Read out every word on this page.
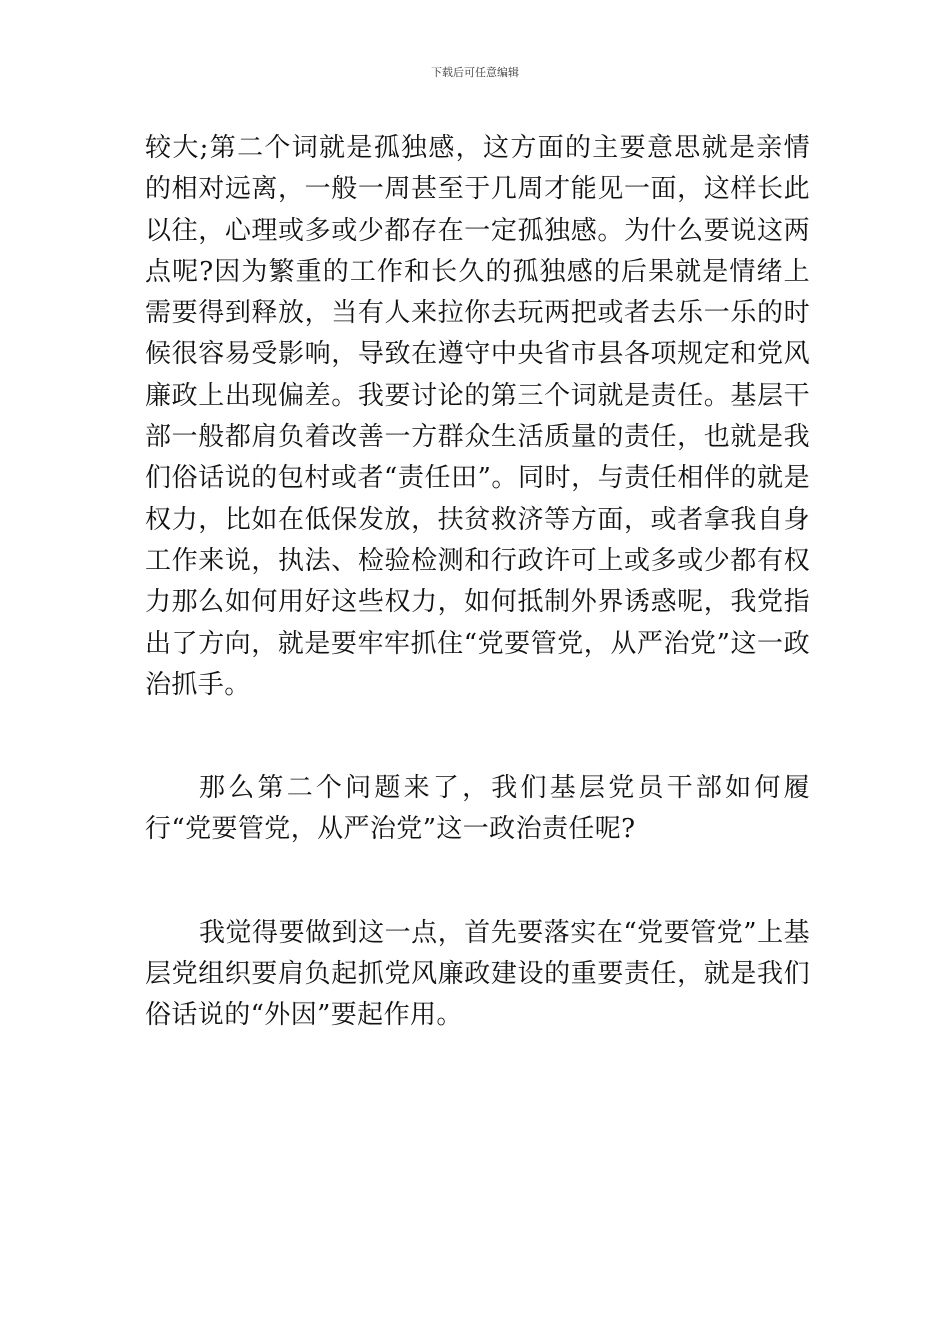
下载后可任意编辑

较大;第二个词就是孤独感，这方面的主要意思就是亲情的相对远离，一般一周甚至于几周才能见一面，这样长此以往，心理或多或少都存在一定孤独感。为什么要说这两点呢?因为繁重的工作和长久的孤独感的后果就是情绪上需要得到释放，当有人来拉你去玩两把或者去乐一乐的时候很容易受影响，导致在遵守中央省市县各项规定和党风廉政上出现偏差。我要讨论的第三个词就是责任。基层干部一般都肩负着改善一方群众生活质量的责任，也就是我们俗话说的包村或者“责任田”。同时，与责任相伴的就是权力，比如在低保发放，扶贫救济等方面，或者拿我自身工作来说，执法、检验检测和行政许可上或多或少都有权力那么如何用好这些权力，如何抵制外界诱惑呢，我党指出了方向，就是要牢牢抓住“党要管党，从严治党”这一政治抓手。

那么第二个问题来了，我们基层党员干部如何履行“党要管党，从严治党”这一政治责任呢?

我觉得要做到这一点，首先要落实在“党要管党”上基层党组织要肩负起抓党风廉政建设的重要责任，就是我们俗话说的“外因”要起作用。
